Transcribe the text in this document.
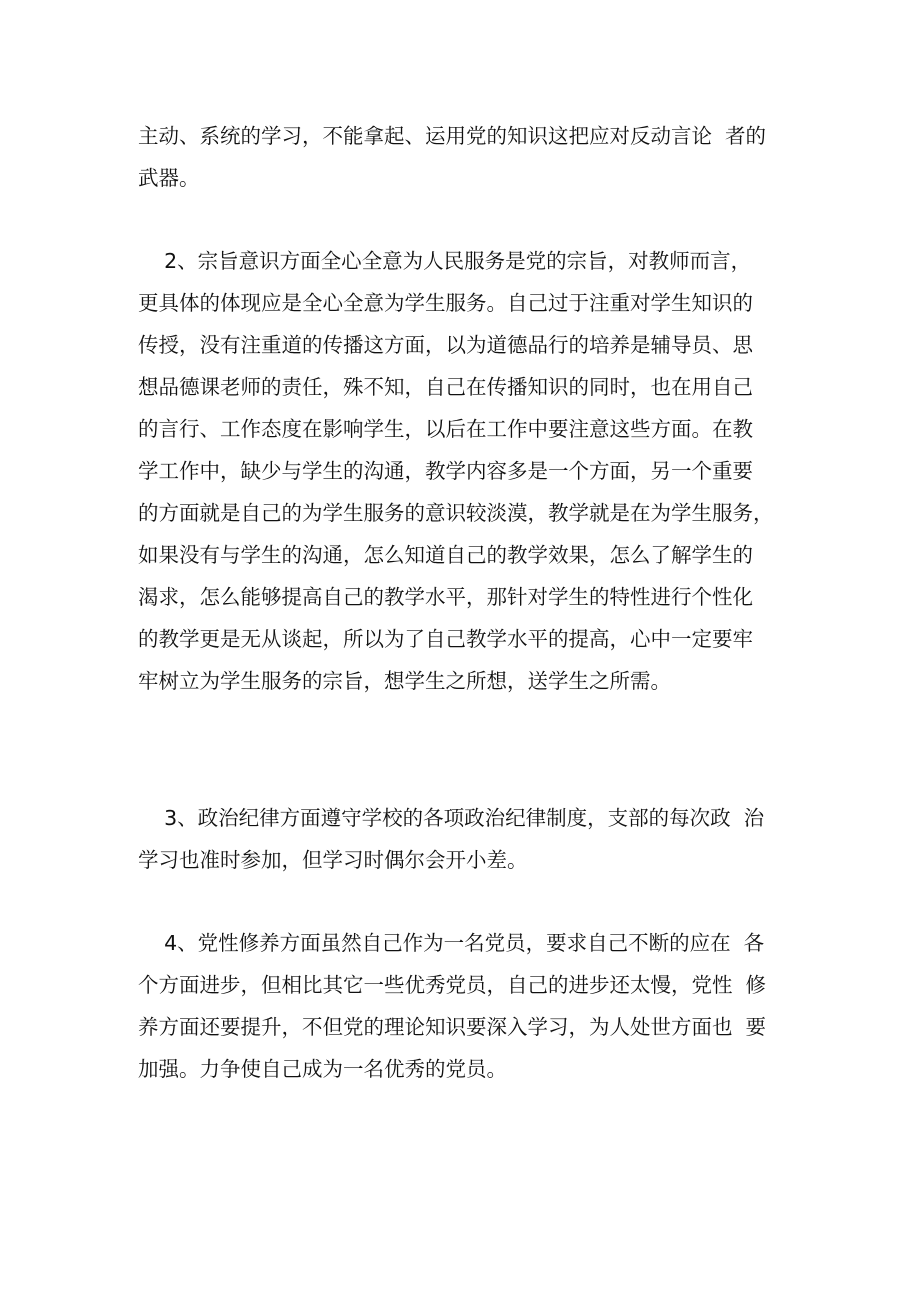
主动、系统的学习，不能拿起、运用党的知识这把应对反动言论  者的
武器。
2、宗旨意识方面全心全意为人民服务是党的宗旨，对教师而言，
更具体的体现应是全心全意为学生服务。自己过于注重对学生知识的
传授，没有注重道的传播这方面，以为道德品行的培养是辅导员、思
想品德课老师的责任，殊不知，自己在传播知识的同时，也在用自己
的言行、工作态度在影响学生，以后在工作中要注意这些方面。在教
学工作中，缺少与学生的沟通，教学内容多是一个方面，另一个重要
的方面就是自己的为学生服务的意识较淡漠，教学就是在为学生服务，
如果没有与学生的沟通，怎么知道自己的教学效果，怎么了解学生的
渴求，怎么能够提高自己的教学水平，那针对学生的特性进行个性化
的教学更是无从谈起，所以为了自己教学水平的提高，心中一定要牢
牢树立为学生服务的宗旨，想学生之所想，送学生之所需。
3、政治纪律方面遵守学校的各项政治纪律制度，支部的每次政  治
学习也准时参加，但学习时偶尔会开小差。
4、党性修养方面虽然自己作为一名党员，要求自己不断的应在  各
个方面进步，但相比其它一些优秀党员，自己的进步还太慢，党性  修
养方面还要提升，不但党的理论知识要深入学习，为人处世方面也  要
加强。力争使自己成为一名优秀的党员。
